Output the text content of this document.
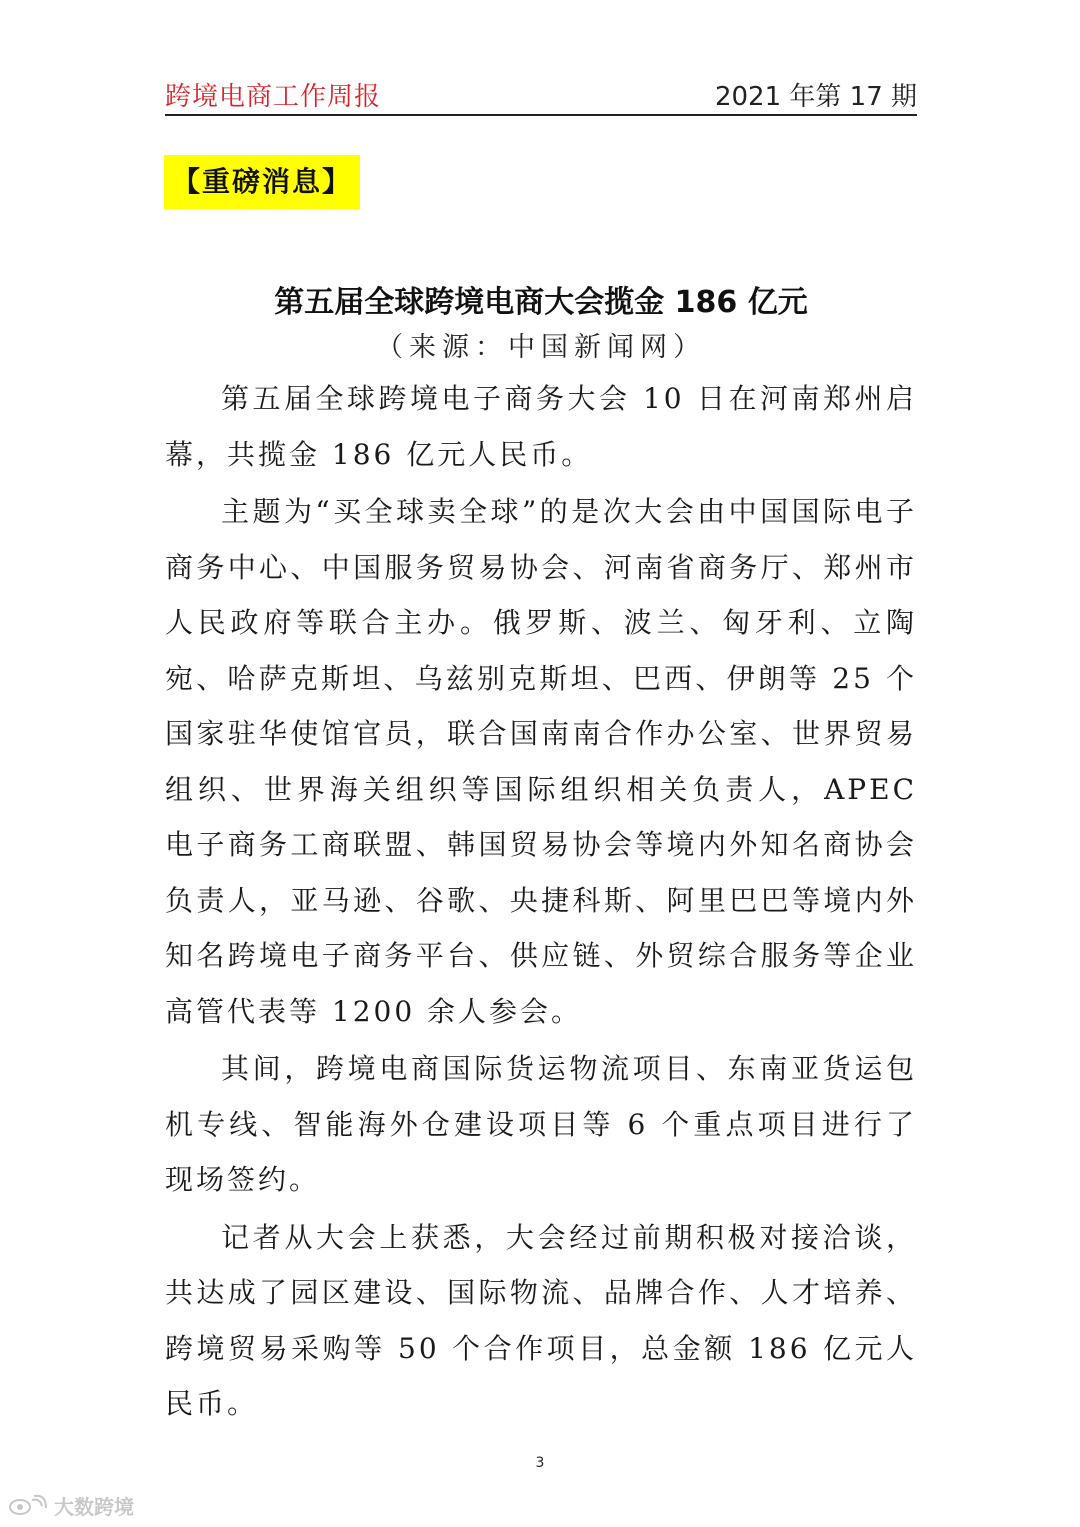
跨境电商工作周报	2021 年第 17 期
【重磅消息】
第五届全球跨境电商大会揽金 186 亿元
（来源：中国新闻网）

第五届全球跨境电子商务大会 10 日在河南郑州启幕，共揽金 186 亿元人民币。

主题为“买全球卖全球”的是次大会由中国国际电子商务中心、中国服务贸易协会、河南省商务厅、郑州市人民政府等联合主办。俄罗斯、波兰、匈牙利、立陶宛、哈萨克斯坦、乌兹别克斯坦、巴西、伊朗等 25 个国家驻华使馆官员，联合国南南合作办公室、世界贸易组织、世界海关组织等国际组织相关负责人，APEC 电子商务工商联盟、韩国贸易协会等境内外知名商协会负责人，亚马逊、谷歌、央捷科斯、阿里巴巴等境内外知名跨境电子商务平台、供应链、外贸综合服务等企业高管代表等 1200 余人参会。

其间，跨境电商国际货运物流项目、东南亚货运包机专线、智能海外仓建设项目等 6 个重点项目进行了现场签约。

记者从大会上获悉，大会经过前期积极对接洽谈，共达成了园区建设、国际物流、品牌合作、人才培养、跨境贸易采购等 50 个合作项目，总金额 186 亿元人民币。

3
大数跨境
